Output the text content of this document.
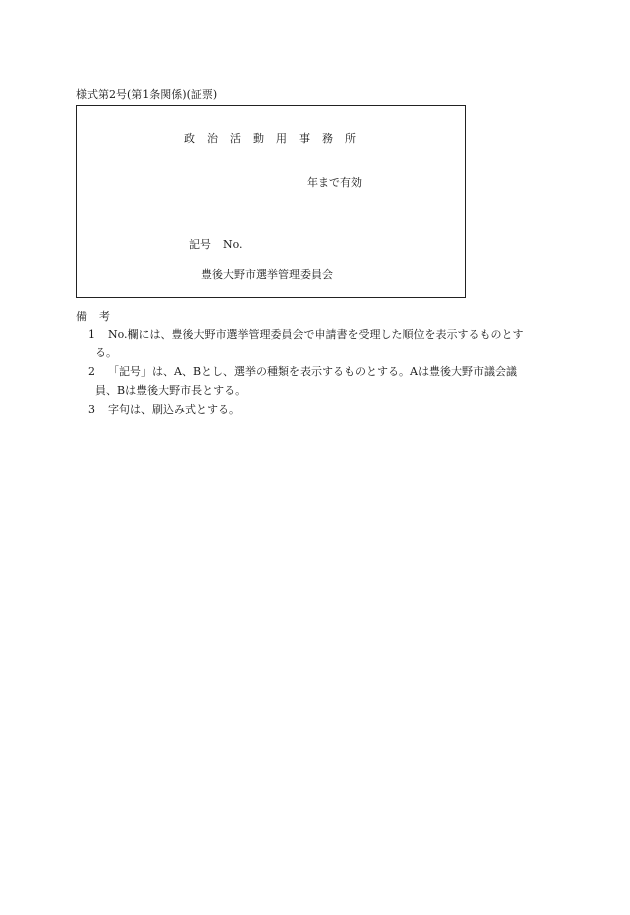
様式第2号(第1条関係)(証票)
政 治 活 動 用 事 務 所
年まで有効
記号 No.
豊後大野市選挙管理委員会
備 考
1 No.欄には、豊後大野市選挙管理委員会で申請書を受理した順位を表示するものとす
る。
2 「記号」は、A、Bとし、選挙の種類を表示するものとする。Aは豊後大野市議会議
員、Bは豊後大野市長とする。
3 字句は、刷込み式とする。
